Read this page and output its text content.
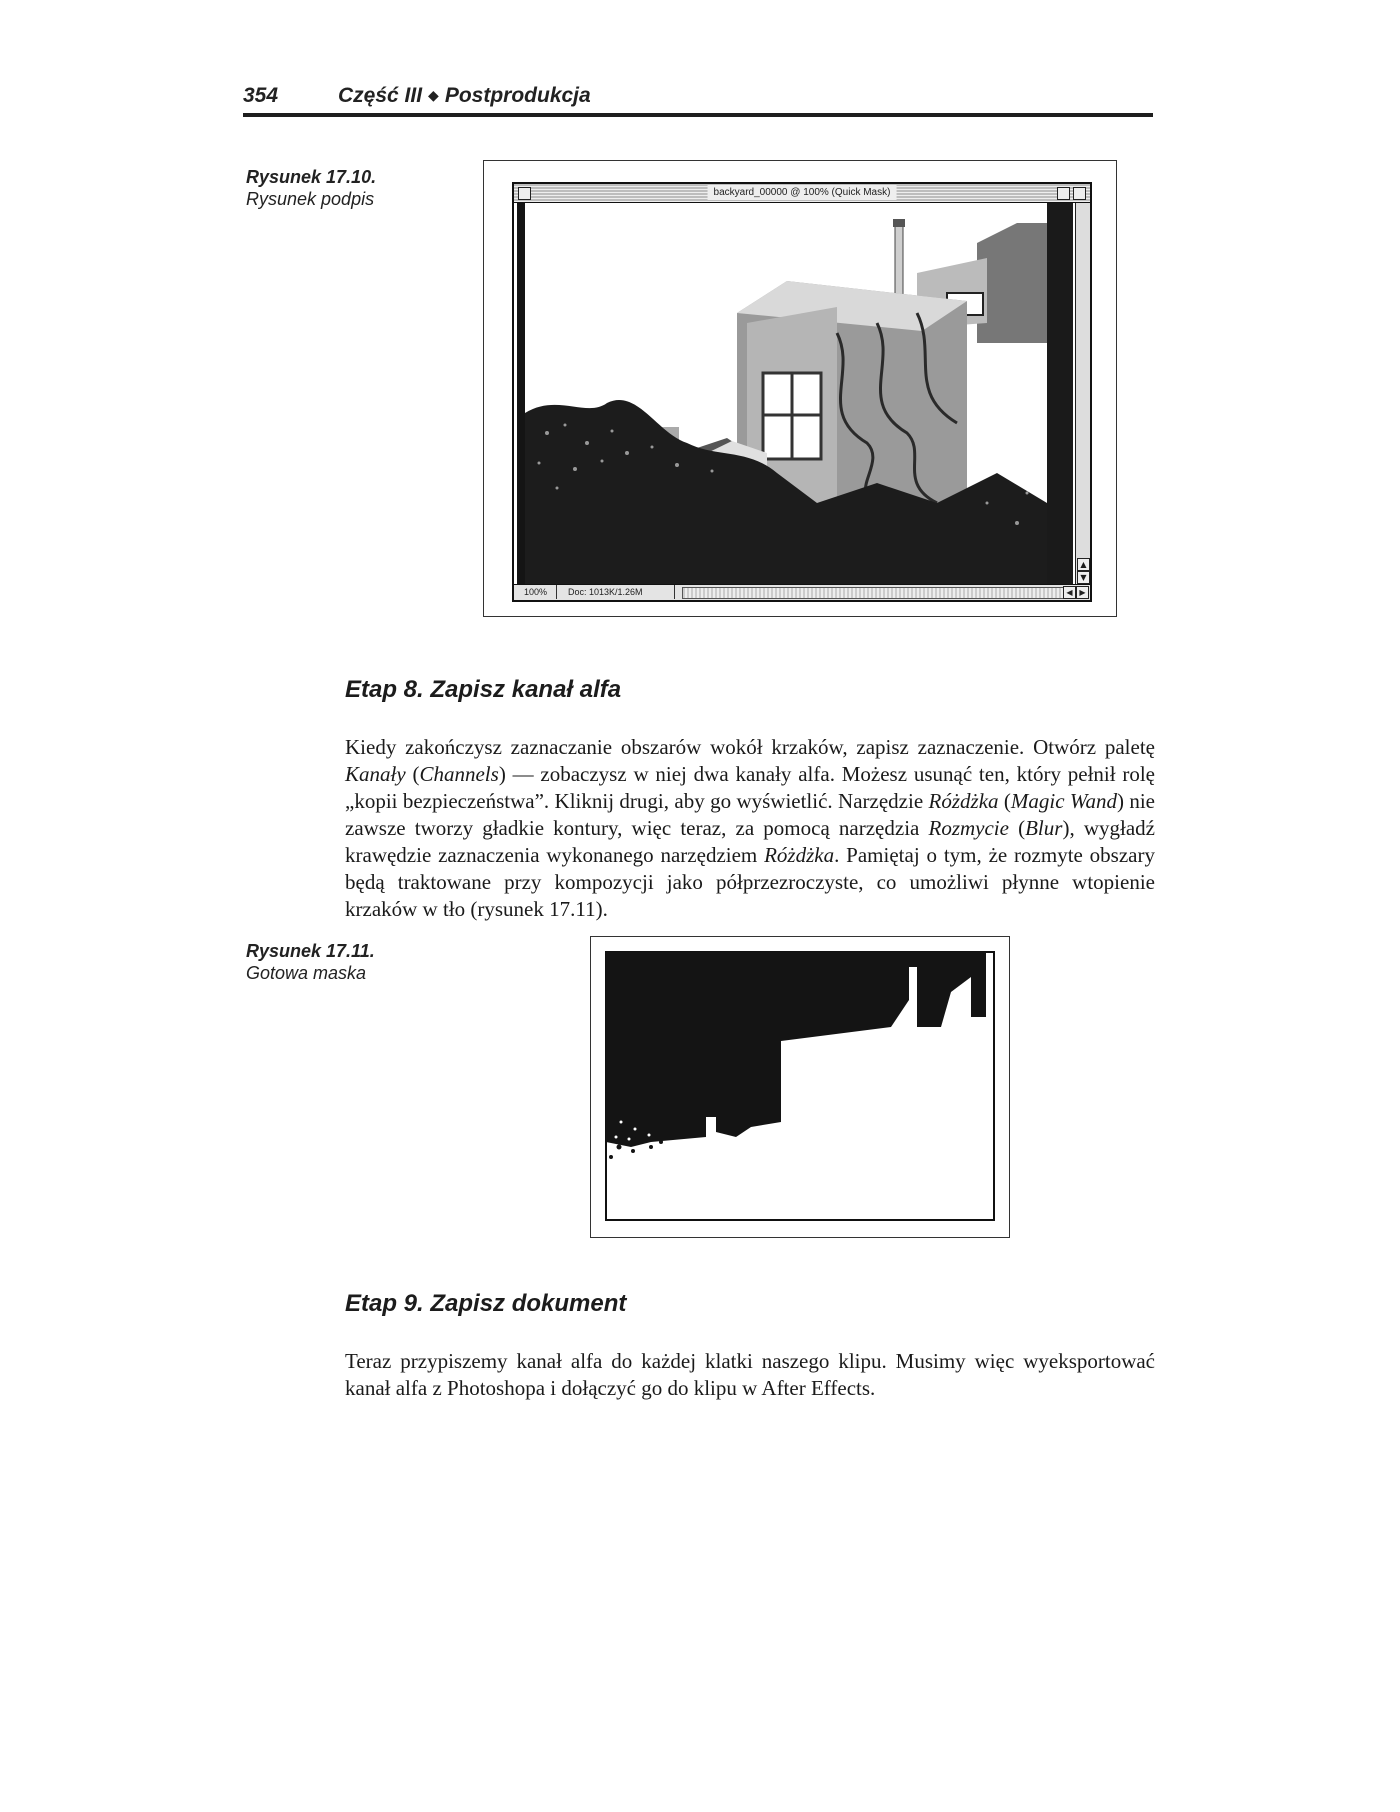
354	Część III ◆ Postprodukcja
Rysunek 17.10.
Rysunek podpis	backyard_00000 @ 100% (Quick Mask)
▲
▼
100%	Doc: 1013K/1.26M	◀ ▶
Etap 8. Zapisz kanał alfa

Kiedy zakończysz zaznaczanie obszarów wokół krzaków, zapisz zaznaczenie. Otwórz paletę Kanały (Channels) — zobaczysz w niej dwa kanały alfa. Możesz usunąć ten, który pełnił rolę „kopii bezpieczeństwa”. Kliknij drugi, aby go wyświetlić. Narzędzie Różdżka (Magic Wand) nie zawsze tworzy gładkie kontury, więc teraz, za pomocą narzędzia Rozmycie (Blur), wygładź krawędzie zaznaczenia wykonanego narzędziem Różdżka. Pamiętaj o tym, że rozmyte obszary będą traktowane przy kompozycji jako półprzezroczyste, co umożliwi płynne wtopienie krzaków w tło (rysunek 17.11).

Rysunek 17.11.
Gotowa maska
Etap 9. Zapisz dokument

Teraz przypiszemy kanał alfa do każdej klatki naszego klipu. Musimy więc wyeksportować kanał alfa z Photoshopa i dołączyć go do klipu w After Effects.
